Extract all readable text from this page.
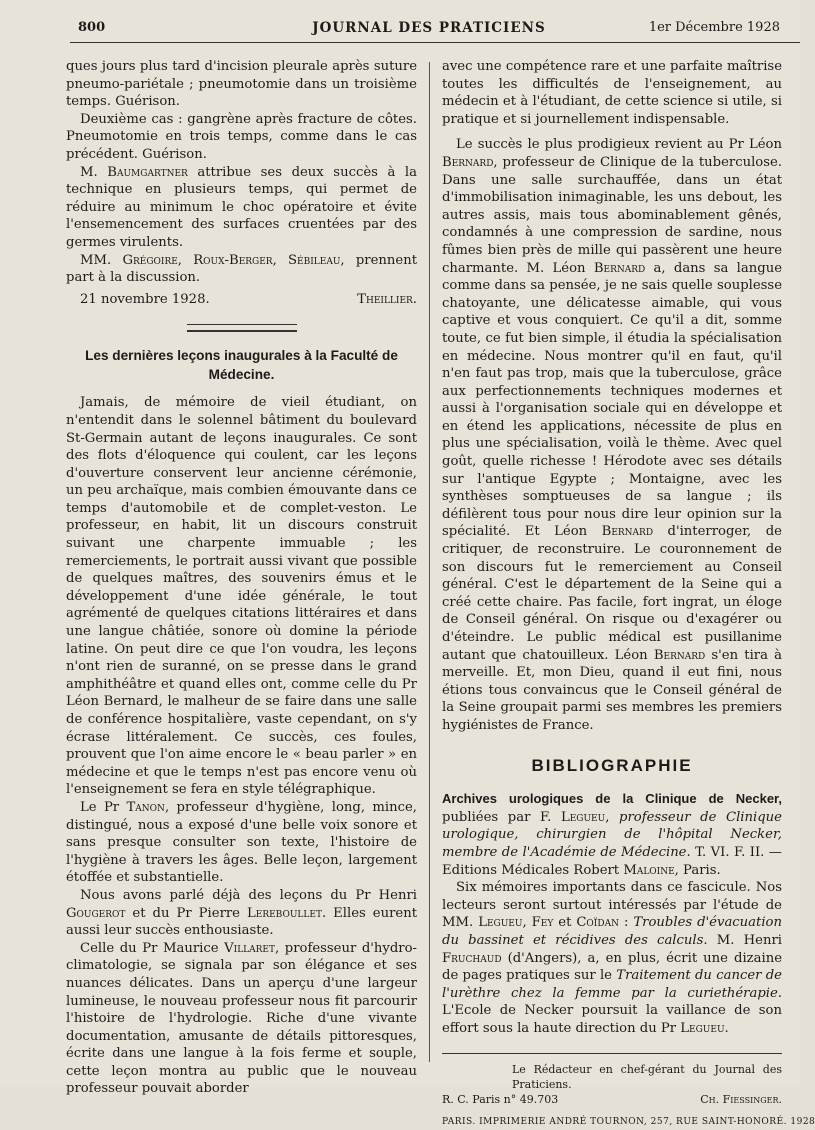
800	JOURNAL DES PRATICIENS	1er Décembre 1928

ques jours plus tard d'incision pleurale après suture pneumo-pariétale ; pneumotomie dans un troisième temps. Guérison.

Deuxième cas : gangrène après fracture de côtes. Pneumotomie en trois temps, comme dans le cas précédent. Guérison.

M. Baumgartner attribue ses deux succès à la technique en plusieurs temps, qui permet de réduire au minimum le choc opératoire et évite l'ensemencement des surfaces cruentées par des germes virulents.

MM. Grégoire, Roux-Berger, Sébileau, prennent part à la discussion.

21 novembre 1928.	Theillier.
Les dernières leçons inaugurales à la Faculté de Médecine.

Jamais, de mémoire de vieil étudiant, on n'entendit dans le solennel bâtiment du boulevard St-Germain autant de leçons inaugurales. Ce sont des flots d'éloquence qui coulent, car les leçons d'ouverture conservent leur ancienne cérémonie, un peu archaïque, mais combien émouvante dans ce temps d'automobile et de complet-veston. Le professeur, en habit, lit un discours construit suivant une charpente immuable ; les remerciements, le portrait aussi vivant que possible de quelques maîtres, des souvenirs émus et le développement d'une idée générale, le tout agrémenté de quelques citations littéraires et dans une langue châtiée, sonore où domine la période latine. On peut dire ce que l'on voudra, les leçons n'ont rien de suranné, on se presse dans le grand amphithéâtre et quand elles ont, comme celle du Pr Léon Bernard, le malheur de se faire dans une salle de conférence hospitalière, vaste cependant, on s'y écrase littéralement. Ce succès, ces foules, prouvent que l'on aime encore le « beau parler » en médecine et que le temps n'est pas encore venu où l'enseignement se fera en style télégraphique.

Le Pr Tanon, professeur d'hygiène, long, mince, distingué, nous a exposé d'une belle voix sonore et sans presque consulter son texte, l'histoire de l'hygiène à travers les âges. Belle leçon, largement étoffée et substantielle.

Nous avons parlé déjà des leçons du Pr Henri Gougerot et du Pr Pierre Lereboullet. Elles eurent aussi leur succès enthousiaste.

Celle du Pr Maurice Villaret, professeur d'hydro-climatologie, se signala par son élégance et ses nuances délicates. Dans un aperçu d'une largeur lumineuse, le nouveau professeur nous fit parcourir l'histoire de l'hydrologie. Riche d'une vivante documentation, amusante de détails pittoresques, écrite dans une langue à la fois ferme et souple, cette leçon montra au public que le nouveau professeur pouvait aborder

avec une compétence rare et une parfaite maîtrise toutes les difficultés de l'enseignement, au médecin et à l'étudiant, de cette science si utile, si pratique et si journellement indispensable.

Le succès le plus prodigieux revient au Pr Léon Bernard, professeur de Clinique de la tuberculose. Dans une salle surchauffée, dans un état d'immobilisation inimaginable, les uns debout, les autres assis, mais tous abominablement gênés, condamnés à une compression de sardine, nous fûmes bien près de mille qui passèrent une heure charmante. M. Léon Bernard a, dans sa langue comme dans sa pensée, je ne sais quelle souplesse chatoyante, une délicatesse aimable, qui vous captive et vous conquiert. Ce qu'il a dit, somme toute, ce fut bien simple, il étudia la spécialisation en médecine. Nous montrer qu'il en faut, qu'il n'en faut pas trop, mais que la tuberculose, grâce aux perfectionnements techniques modernes et aussi à l'organisation sociale qui en développe et en étend les applications, nécessite de plus en plus une spécialisation, voilà le thème. Avec quel goût, quelle richesse ! Hérodote avec ses détails sur l'antique Egypte ; Montaigne, avec les synthèses somptueuses de sa langue ; ils défilèrent tous pour nous dire leur opinion sur la spécialité. Et Léon Bernard d'interroger, de critiquer, de reconstruire. Le couronnement de son discours fut le remerciement au Conseil général. C'est le département de la Seine qui a créé cette chaire. Pas facile, fort ingrat, un éloge de Conseil général. On risque ou d'exagérer ou d'éteindre. Le public médical est pusillanime autant que chatouilleux. Léon Bernard s'en tira à merveille. Et, mon Dieu, quand il eut fini, nous étions tous convaincus que le Conseil général de la Seine groupait parmi ses membres les premiers hygiénistes de France.

BIBLIOGRAPHIE

Archives urologiques de la Clinique de Necker, publiées par F. Legueu, professeur de Clinique urologique, chirurgien de l'hôpital Necker, membre de l'Académie de Médecine. T. VI. F. II. — Editions Médicales Robert Maloine, Paris.

Six mémoires importants dans ce fascicule. Nos lecteurs seront surtout intéressés par l'étude de MM. Legueu, Fey et Coïdan : Troubles d'évacuation du bassinet et récidives des calculs. M. Henri Fruchaud (d'Angers), a, en plus, écrit une dizaine de pages pratiques sur le Traitement du cancer de l'urèthre chez la femme par la curiethérapie. L'Ecole de Necker poursuit la vaillance de son effort sous la haute direction du Pr Legueu.

Le Rédacteur en chef-gérant du Journal des Praticiens.
R. C. Paris n° 49.703	Ch. Fiessinger.
PARIS. IMPRIMERIE ANDRÉ TOURNON, 257, RUE SAINT-HONORÉ. 1928
